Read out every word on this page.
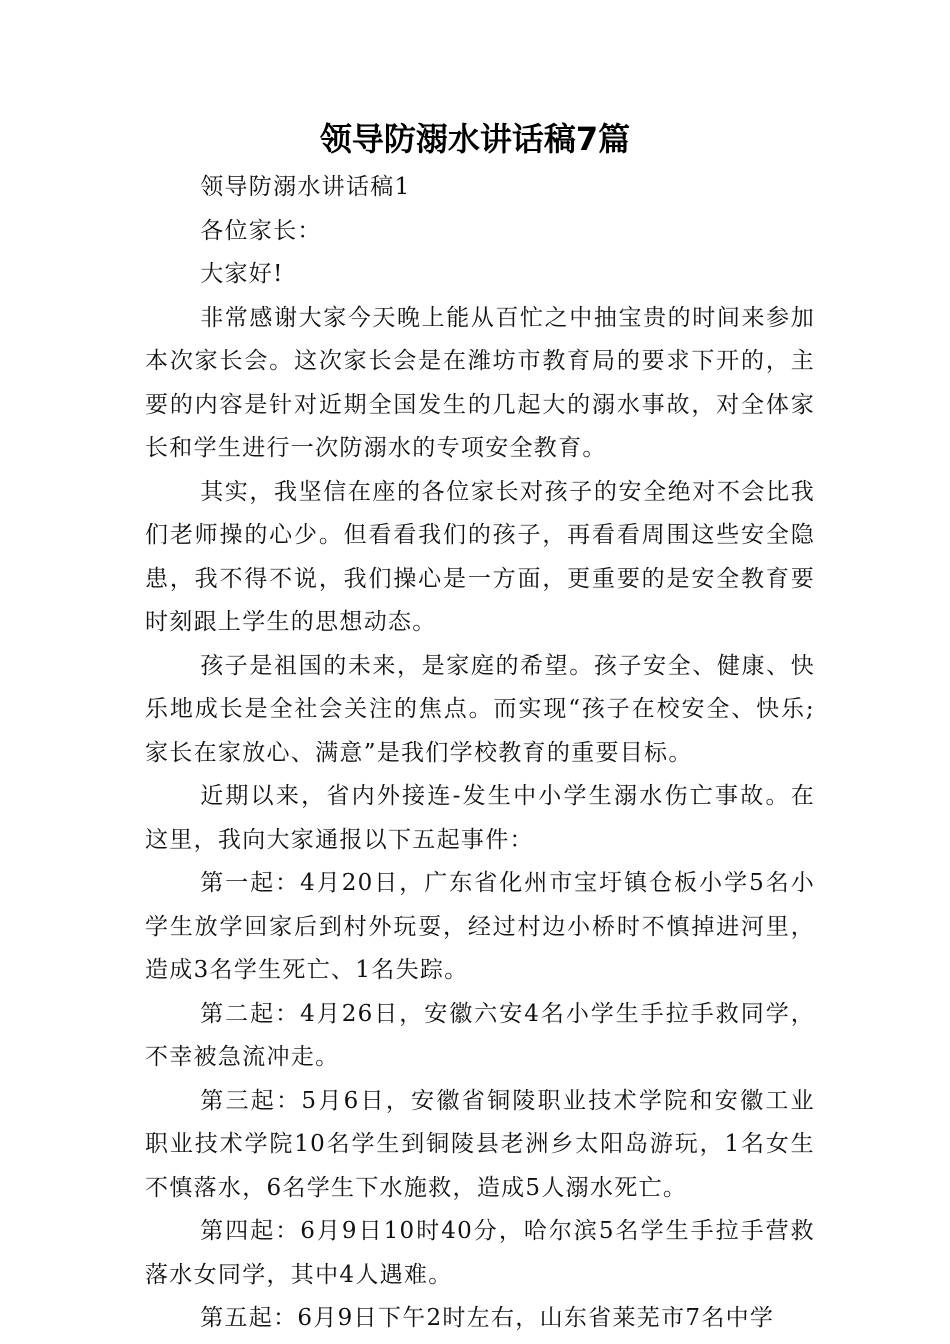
领导防溺水讲话稿7篇

领导防溺水讲话稿1

各位家长：

大家好!

非常感谢大家今天晚上能从百忙之中抽宝贵的时间来参加本次家长会。这次家长会是在潍坊市教育局的要求下开的，主要的内容是针对近期全国发生的几起大的溺水事故，对全体家长和学生进行一次防溺水的专项安全教育。

其实，我坚信在座的各位家长对孩子的安全绝对不会比我们老师操的心少。但看看我们的孩子，再看看周围这些安全隐患，我不得不说，我们操心是一方面，更重要的是安全教育要时刻跟上学生的思想动态。

孩子是祖国的未来，是家庭的希望。孩子安全、健康、快乐地成长是全社会关注的焦点。而实现“孩子在校安全、快乐;家长在家放心、满意”是我们学校教育的重要目标。

近期以来，省内外接连-发生中小学生溺水伤亡事故。在这里，我向大家通报以下五起事件：

第一起：4月20日，广东省化州市宝圩镇仓板小学5名小学生放学回家后到村外玩耍，经过村边小桥时不慎掉进河里，造成3名学生死亡、1名失踪。

第二起：4月26日，安徽六安4名小学生手拉手救同学，不幸被急流冲走。

第三起：5月6日，安徽省铜陵职业技术学院和安徽工业职业技术学院10名学生到铜陵县老洲乡太阳岛游玩，1名女生不慎落水，6名学生下水施救，造成5人溺水死亡。

第四起：6月9日10时40分，哈尔滨5名学生手拉手营救落水女同学，其中4人遇难。

第五起：6月9日下午2时左右，山东省莱芜市7名中学
